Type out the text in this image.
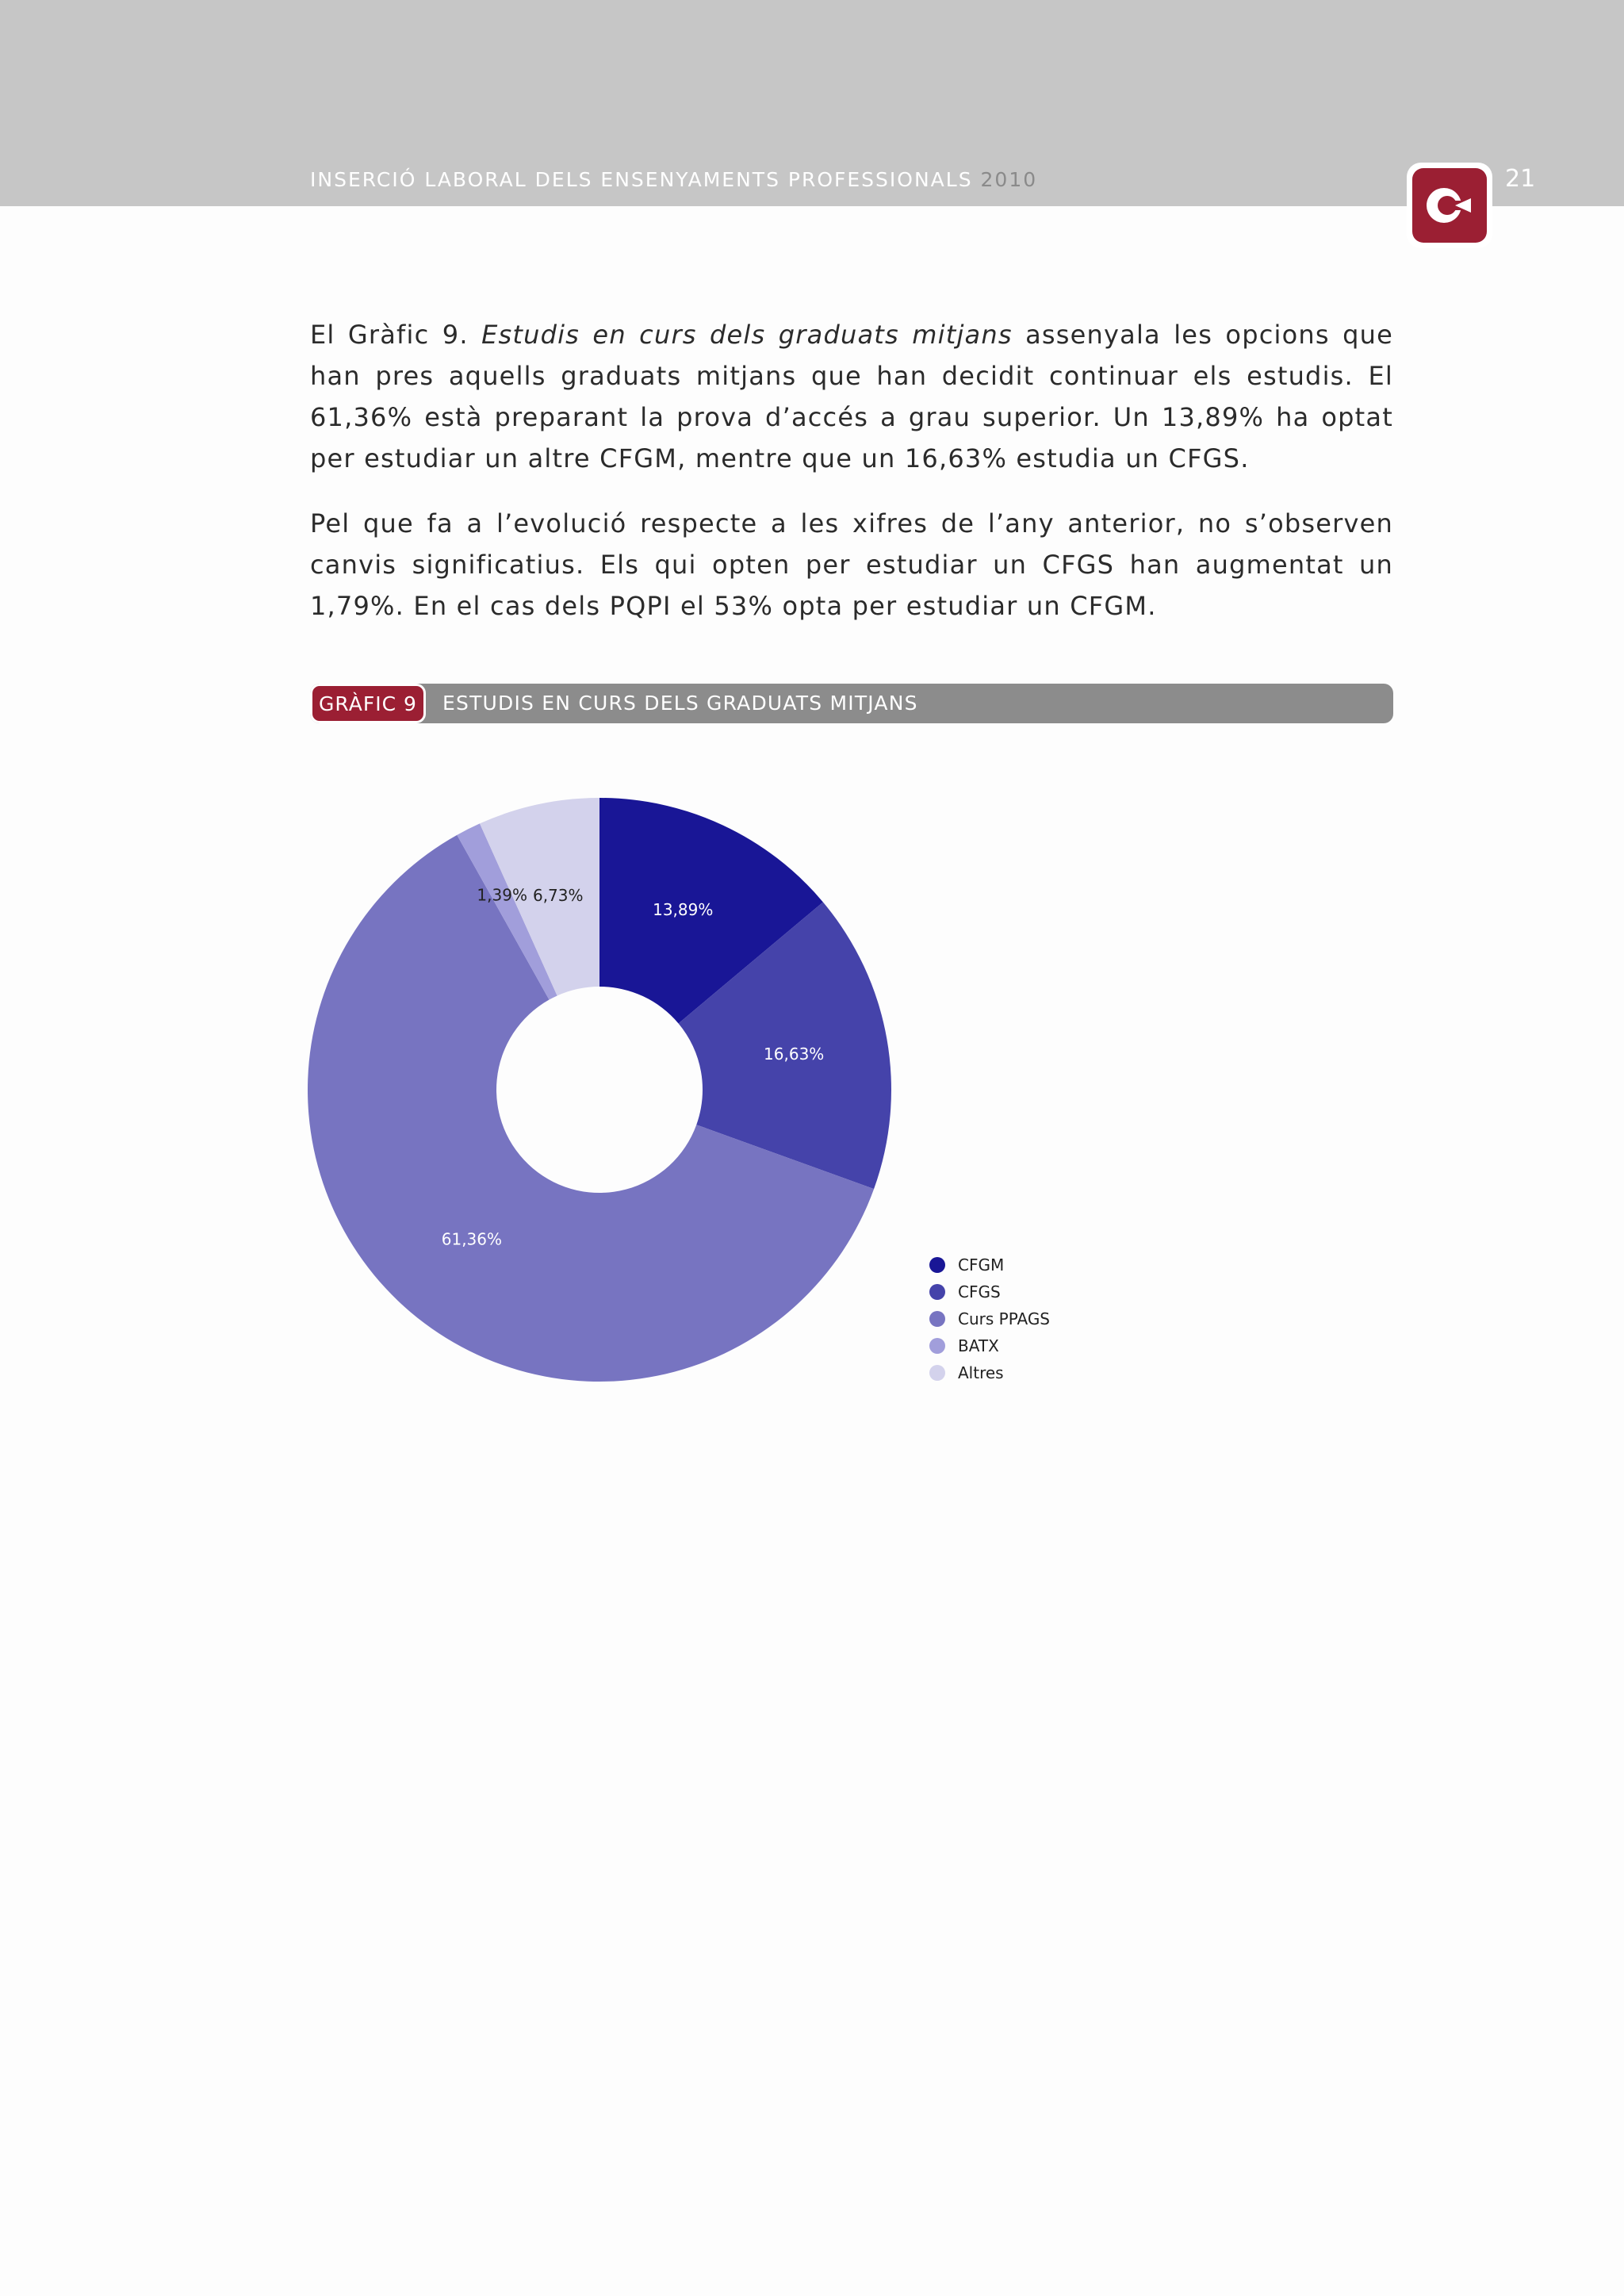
INSERCIÓ LABORAL DELS ENSENYAMENTS PROFESSIONALS 2010	21

El Gràfic 9. Estudis en curs dels graduats mitjans assenyala les opcions que han pres aquells graduats mitjans que han decidit continuar els estudis. El 61,36% està preparant la prova d’accés a grau superior. Un 13,89% ha optat per estudiar un altre CFGM, mentre que un 16,63% estudia un CFGS.

Pel que fa a l’evolució respecte a les xifres de l’any anterior, no s’observen canvis significatius. Els qui opten per estudiar un CFGS han augmentat un 1,79%. En el cas dels PQPI el 53% opta per estudiar un CFGM.

GRÀFIC 9	ESTUDIS EN CURS DELS GRADUATS MITJANS
13,89%
16,63%
61,36%
1,39% 6,73%
CFGM
CFGS
Curs PPAGS
BATX
Altres
